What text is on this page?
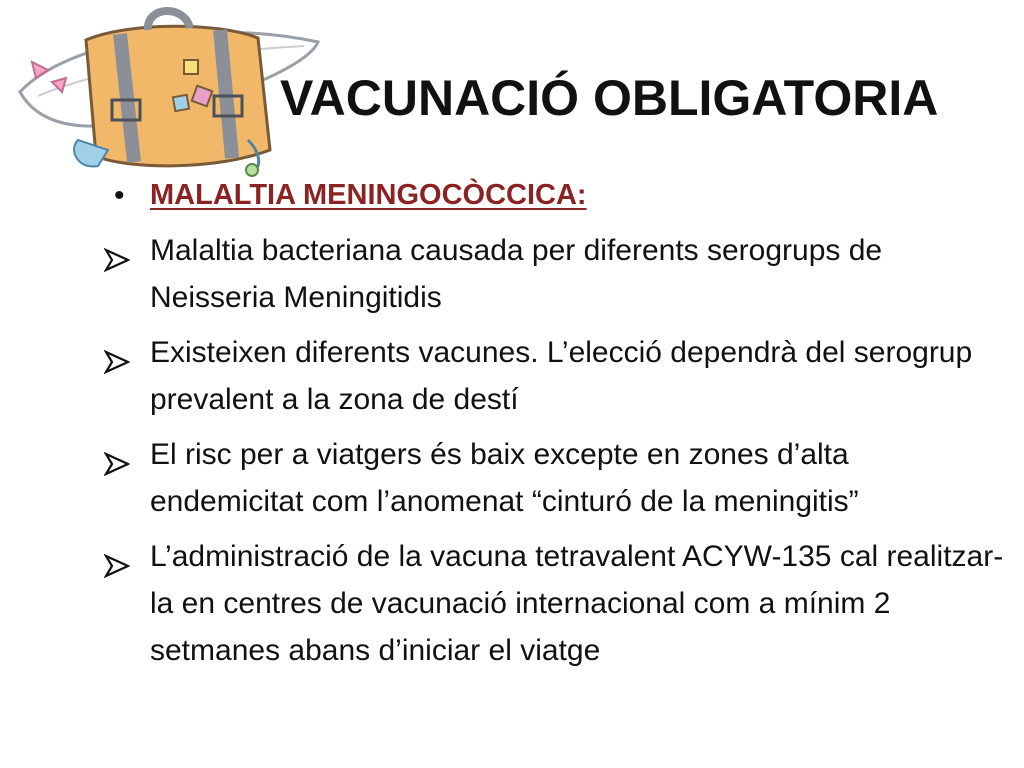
VACUNACIÓ OBLIGATORIA
• MALALTIA MENINGOCÒCCICA:
Malaltia bacteriana causada per diferents serogrups de Neisseria Meningitidis
Existeixen diferents vacunes. L’elecció dependrà del serogrup prevalent a la zona de destí
El risc per a viatgers és baix excepte en zones d’alta endemicitat com l’anomenat “cinturó de la meningitis”
L’administració de la vacuna tetravalent ACYW-135 cal realitzar-la en centres de vacunació internacional com a mínim 2 setmanes abans d’iniciar el viatge
